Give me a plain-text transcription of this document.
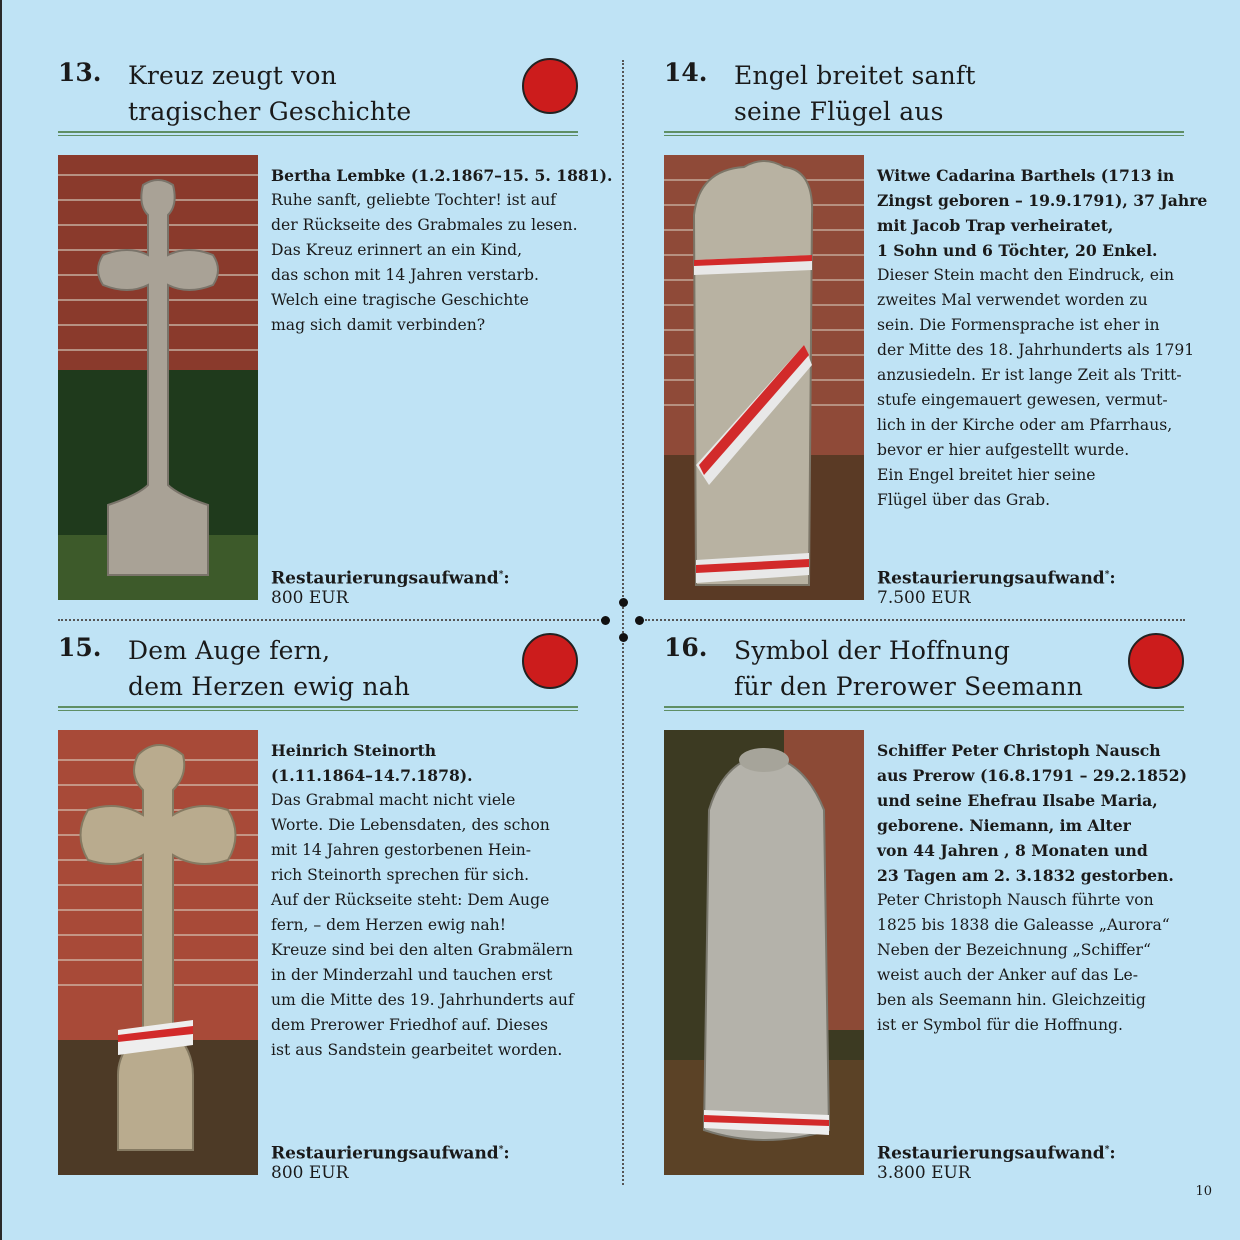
13. Kreuz zeugt von
tragischer Geschichte
Bertha Lembke (1.2.1867–15. 5. 1881).
Ruhe sanft, geliebte Tochter! ist auf
der Rückseite des Grabmales zu lesen.
Das Kreuz erinnert an ein Kind,
das schon mit 14 Jahren verstarb.
Welch eine tragische Geschichte
mag sich damit verbinden?
Restaurierungsaufwand*:
800 EUR
14. Engel breitet sanft
seine Flügel aus
Witwe Cadarina Barthels (1713 in
Zingst geboren – 19.9.1791), 37 Jahre
mit Jacob Trap verheiratet,
1 Sohn und 6 Töchter, 20 Enkel.
Dieser Stein macht den Eindruck, ein
zweites Mal verwendet worden zu
sein. Die Formensprache ist eher in
der Mitte des 18. Jahrhunderts als 1791
anzusiedeln. Er ist lange Zeit als Tritt-
stufe eingemauert gewesen, vermut-
lich in der Kirche oder am Pfarrhaus,
bevor er hier aufgestellt wurde.
Ein Engel breitet hier seine
Flügel über das Grab.
Restaurierungsaufwand*:
7.500 EUR
15. Dem Auge fern,
dem Herzen ewig nah
Heinrich Steinorth
(1.11.1864–14.7.1878).
Das Grabmal macht nicht viele
Worte. Die Lebensdaten, des schon
mit 14 Jahren gestorbenen Hein-
rich Steinorth sprechen für sich.
Auf der Rückseite steht: Dem Auge
fern, – dem Herzen ewig nah!
Kreuze sind bei den alten Grabmälern
in der Minderzahl und tauchen erst
um die Mitte des 19. Jahrhunderts auf
dem Prerower Friedhof auf. Dieses
ist aus Sandstein gearbeitet worden.
Restaurierungsaufwand*:
800 EUR
16. Symbol der Hoffnung
für den Prerower Seemann
Schiffer Peter Christoph Nausch
aus Prerow (16.8.1791 – 29.2.1852)
und seine Ehefrau Ilsabe Maria,
geborene. Niemann, im Alter
von 44 Jahren , 8 Monaten und
23 Tagen am 2. 3.1832 gestorben.
Peter Christoph Nausch führte von
1825 bis 1838 die Galeasse „Aurora“
Neben der Bezeichnung „Schiffer“
weist auch der Anker auf das Le-
ben als Seemann hin. Gleichzeitig
ist er Symbol für die Hoffnung.
Restaurierungsaufwand*:
3.800 EUR
10
